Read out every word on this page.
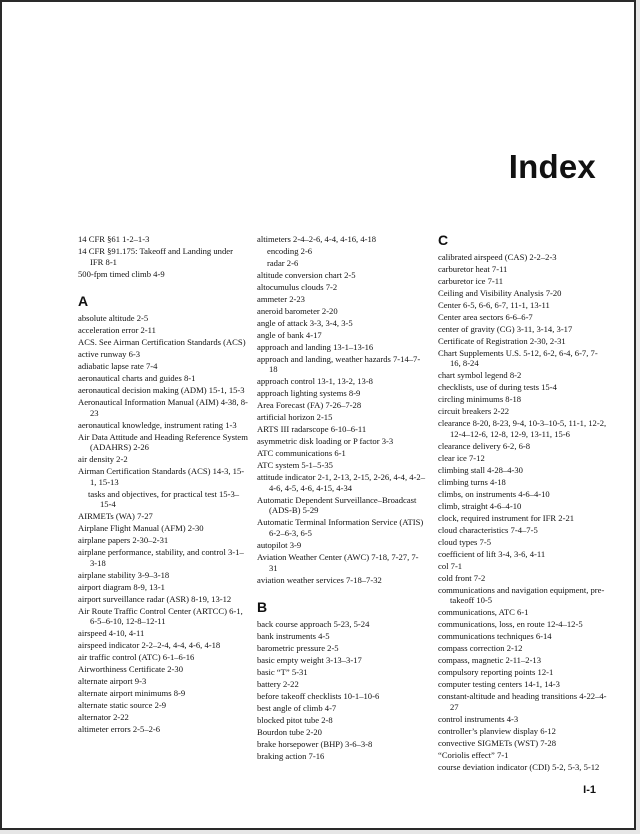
Index
14 CFR §61 1-2–1-3
14 CFR §91.175: Takeoff and Landing under IFR 8-1
500-fpm timed climb 4-9
A
absolute altitude 2-5
acceleration error 2-11
ACS. See Airman Certification Standards (ACS)
active runway 6-3
adiabatic lapse rate 7-4
aeronautical charts and guides 8-1
aeronautical decision making (ADM) 15-1, 15-3
Aeronautical Information Manual (AIM) 4-38, 8-23
aeronautical knowledge, instrument rating 1-3
Air Data Attitude and Heading Reference System (ADAHRS) 2-26
air density 2-2
Airman Certification Standards (ACS) 14-3, 15-1, 15-13
tasks and objectives, for practical test 15-3–15-4
AIRMETs (WA) 7-27
Airplane Flight Manual (AFM) 2-30
airplane papers 2-30–2-31
airplane performance, stability, and control 3-1–3-18
airplane stability 3-9–3-18
airport diagram 8-9, 13-1
airport surveillance radar (ASR) 8-19, 13-12
Air Route Traffic Control Center (ARTCC) 6-1, 6-5–6-10, 12-8–12-11
airspeed 4-10, 4-11
airspeed indicator 2-2–2-4, 4-4, 4-6, 4-18
air traffic control (ATC) 6-1–6-16
Airworthiness Certificate 2-30
alternate airport 9-3
alternate airport minimums 8-9
alternate static source 2-9
alternator 2-22
altimeter errors 2-5–2-6
altimeters 2-4–2-6, 4-4, 4-16, 4-18
encoding 2-6
radar 2-6
altitude conversion chart 2-5
altocumulus clouds 7-2
ammeter 2-23
aneroid barometer 2-20
angle of attack 3-3, 3-4, 3-5
angle of bank 4-17
approach and landing 13-1–13-16
approach and landing, weather hazards 7-14–7-18
approach control 13-1, 13-2, 13-8
approach lighting systems 8-9
Area Forecast (FA) 7-26–7-28
artificial horizon 2-15
ARTS III radarscope 6-10–6-11
asymmetric disk loading or P factor 3-3
ATC communications 6-1
ATC system 5-1–5-35
attitude indicator 2-1, 2-13, 2-15, 2-26, 4-4, 4-2–4-6, 4-5, 4-6, 4-15, 4-34
Automatic Dependent Surveillance–Broadcast (ADS-B) 5-29
Automatic Terminal Information Service (ATIS) 6-2–6-3, 6-5
autopilot 3-9
Aviation Weather Center (AWC) 7-18, 7-27, 7-31
aviation weather services 7-18–7-32
B
back course approach 5-23, 5-24
bank instruments 4-5
barometric pressure 2-5
basic empty weight 3-13–3-17
basic “T” 5-31
battery 2-22
before takeoff checklists 10-1–10-6
best angle of climb 4-7
blocked pitot tube 2-8
Bourdon tube 2-20
brake horsepower (BHP) 3-6–3-8
braking action 7-16
C
calibrated airspeed (CAS) 2-2–2-3
carburetor heat 7-11
carburetor ice 7-11
Ceiling and Visibility Analysis 7-20
Center 6-5, 6-6, 6-7, 11-1, 13-11
Center area sectors 6-6–6-7
center of gravity (CG) 3-11, 3-14, 3-17
Certificate of Registration 2-30, 2-31
Chart Supplements U.S. 5-12, 6-2, 6-4, 6-7, 7-16, 8-24
chart symbol legend 8-2
checklists, use of during tests 15-4
circling minimums 8-18
circuit breakers 2-22
clearance 8-20, 8-23, 9-4, 10-3–10-5, 11-1, 12-2, 12-4–12-6, 12-8, 12-9, 13-11, 15-6
clearance delivery 6-2, 6-8
clear ice 7-12
climbing stall 4-28–4-30
climbing turns 4-18
climbs, on instruments 4-6–4-10
climb, straight 4-6–4-10
clock, required instrument for IFR 2-21
cloud characteristics 7-4–7-5
cloud types 7-5
coefficient of lift 3-4, 3-6, 4-11
col 7-1
cold front 7-2
communications and navigation equipment, pre-takeoff 10-5
communications, ATC 6-1
communications, loss, en route 12-4–12-5
communications techniques 6-14
compass correction 2-12
compass, magnetic 2-11–2-13
compulsory reporting points 12-1
computer testing centers 14-1, 14-3
constant-altitude and heading transitions 4-22–4-27
control instruments 4-3
controller’s planview display 6-12
convective SIGMETs (WST) 7-28
“Coriolis effect” 7-1
course deviation indicator (CDI) 5-2, 5-3, 5-12
I-1
